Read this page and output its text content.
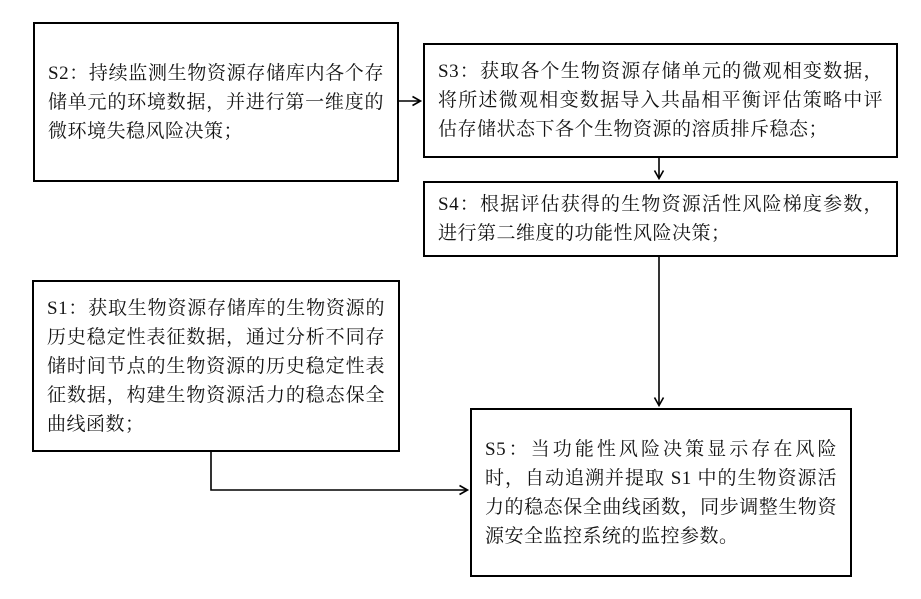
S2：持续监测生物资源存储库内各个存储单元的环境数据，并进行第一维度的微环境失稳风险决策；

S3：获取各个生物资源存储单元的微观相变数据，将所述微观相变数据导入共晶相平衡评估策略中评估存储状态下各个生物资源的溶质排斥稳态；

S4：根据评估获得的生物资源活性风险梯度参数，进行第二维度的功能性风险决策；

S1：获取生物资源存储库的生物资源的历史稳定性表征数据，通过分析不同存储时间节点的生物资源的历史稳定性表征数据，构建生物资源活力的稳态保全曲线函数；

S5：当功能性风险决策显示存在风险时，自动追溯并提取 S1 中的生物资源活力的稳态保全曲线函数，同步调整生物资源安全监控系统的监控参数。
